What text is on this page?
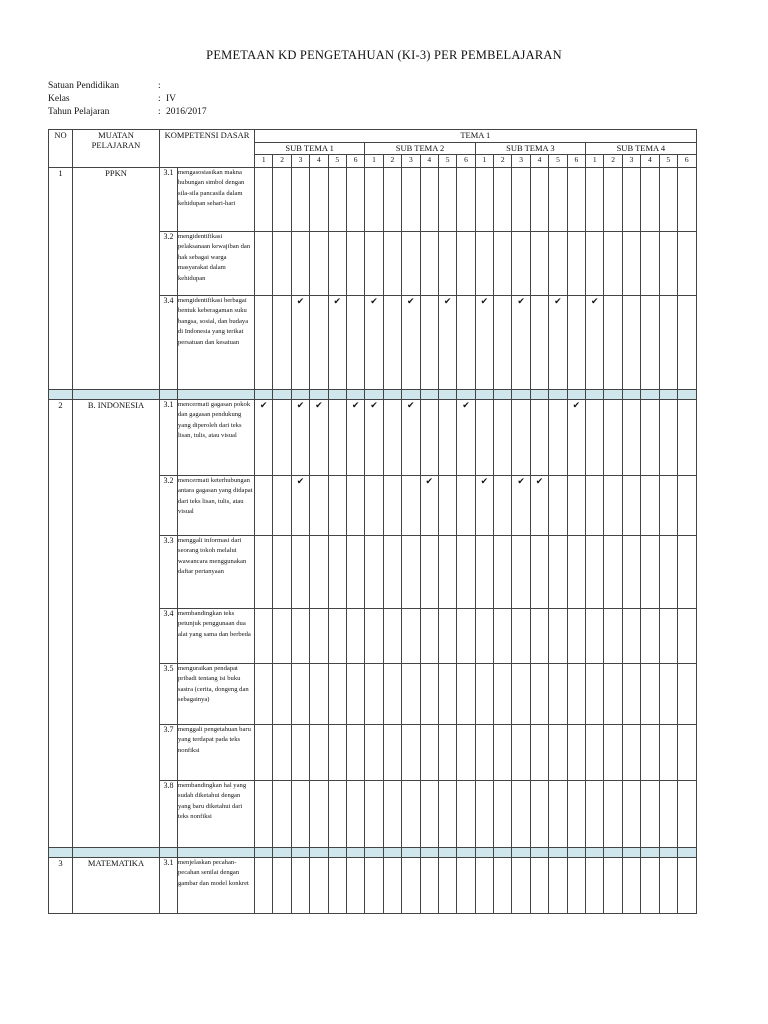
PEMETAAN KD PENGETAHUAN (KI-3) PER PEMBELAJARAN
Satuan Pendidikan	:
Kelas	: IV
Tahun Pelajaran	: 2016/2017
NO	MUATAN PELAJARAN	KOMPETENSI DASAR		TEMA 1																							
				SUB TEMA 1						SUB TEMA 2						SUB TEMA 3						SUB TEMA 4					
				1	2	3	4	5	6	1	2	3	4	5	6	1	2	3	4	5	6	1	2	3	4	5	6
1	PPKN	3.1	mengasosiasikan makna hubungan simbol dengan sila-sila pancasila dalam kehidupan sehari-hari																								
		3.2	mengidentifikasi pelaksanaan kewajiban dan hak sebagai warga masyarakat dalam kehidupan																								
		3.4	mengidentifikasi berbagai bentuk keberagaman suku bangsa, sosial, dan budaya di Indonesia yang terikat persatuan dan kesatuan			✔		✔		✔		✔		✔		✔		✔		✔		✔					

2	B. INDONESIA	3.1	mencermati gagasan pokok dan gagasan pendukung yang diperoleh dari teks lisan, tulis, atau visual	✔		✔	✔		✔	✔		✔			✔						✔						
		3.2	mencermati keterhubungan antara gagasan yang didapat dari teks lisan, tulis, atau visual			✔							✔			✔		✔	✔								
		3.3	menggali informasi dari seorang tokoh melalui wawancara menggunakan daftar pertanyaan																								
		3.4	membandingkan teks petunjuk penggunaan dua alat yang sama dan berbeda																								
		3.5	menguraikan pendapat pribadi tentang isi buku sastra (cerita, dongeng dan sebagainya)																								
		3.7	menggali pengetahuan baru yang terdapat pada teks nonfiksi																								
		3.8	membandingkan hal yang sudah diketahui dengan yang baru diketahui dari teks nonfiksi																								

3	MATEMATIKA	3.1	menjelaskan pecahan-pecahan senilai dengan gambar dan model konkret																								
